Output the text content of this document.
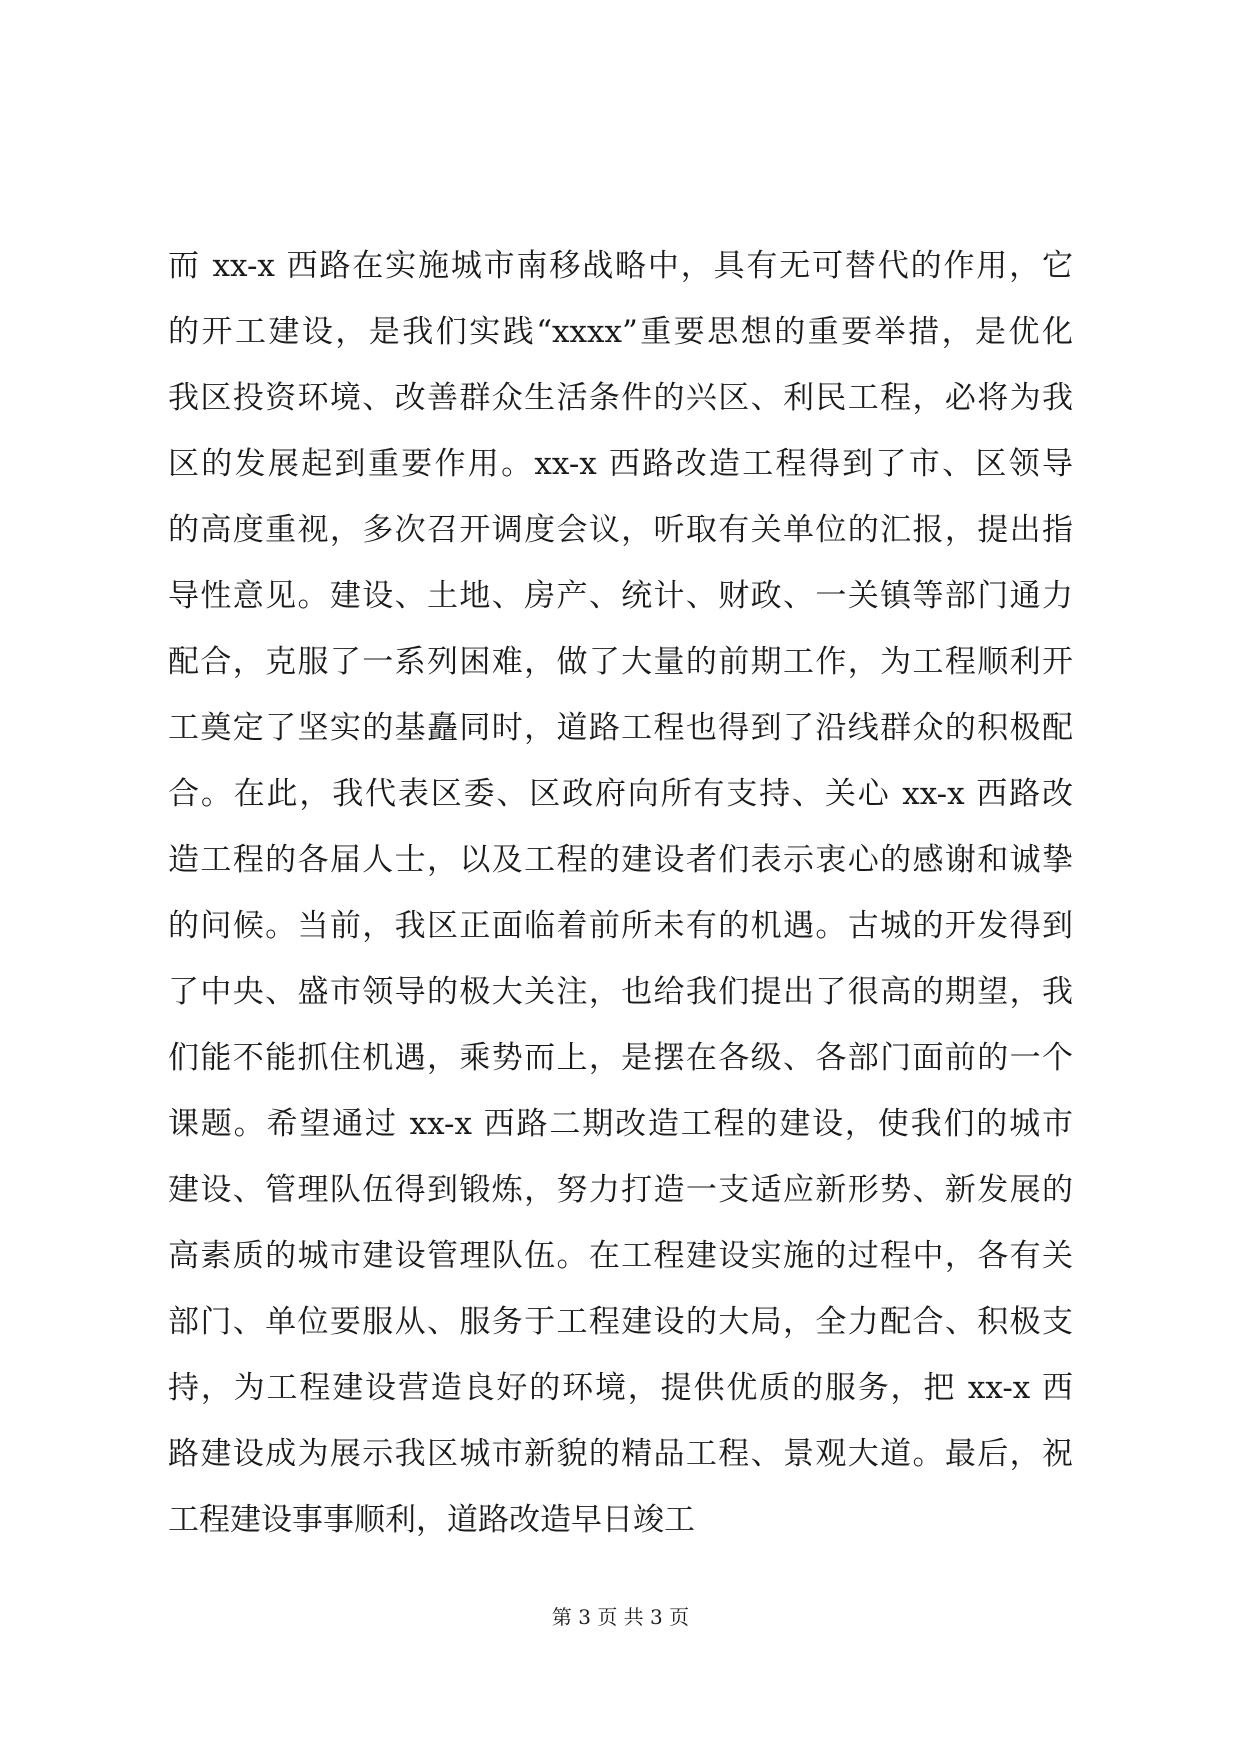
而 xx-x 西路在实施城市南移战略中，具有无可替代的作用，它
的开工建设，是我们实践“xxxx”重要思想的重要举措，是优化
我区投资环境、改善群众生活条件的兴区、利民工程，必将为我
区的发展起到重要作用。xx-x 西路改造工程得到了市、区领导
的高度重视，多次召开调度会议，听取有关单位的汇报，提出指
导性意见。建设、土地、房产、统计、财政、一关镇等部门通力
配合，克服了一系列困难，做了大量的前期工作，为工程顺利开
工奠定了坚实的基矗同时，道路工程也得到了沿线群众的积极配
合。在此，我代表区委、区政府向所有支持、关心 xx-x 西路改
造工程的各届人士，以及工程的建设者们表示衷心的感谢和诚挚
的问候。当前，我区正面临着前所未有的机遇。古城的开发得到
了中央、盛市领导的极大关注，也给我们提出了很高的期望，我
们能不能抓住机遇，乘势而上，是摆在各级、各部门面前的一个
课题。希望通过 xx-x 西路二期改造工程的建设，使我们的城市
建设、管理队伍得到锻炼，努力打造一支适应新形势、新发展的
高素质的城市建设管理队伍。在工程建设实施的过程中，各有关
部门、单位要服从、服务于工程建设的大局，全力配合、积极支
持，为工程建设营造良好的环境，提供优质的服务，把 xx-x 西
路建设成为展示我区城市新貌的精品工程、景观大道。最后，祝
工程建设事事顺利，道路改造早日竣工
第 3 页 共 3 页
